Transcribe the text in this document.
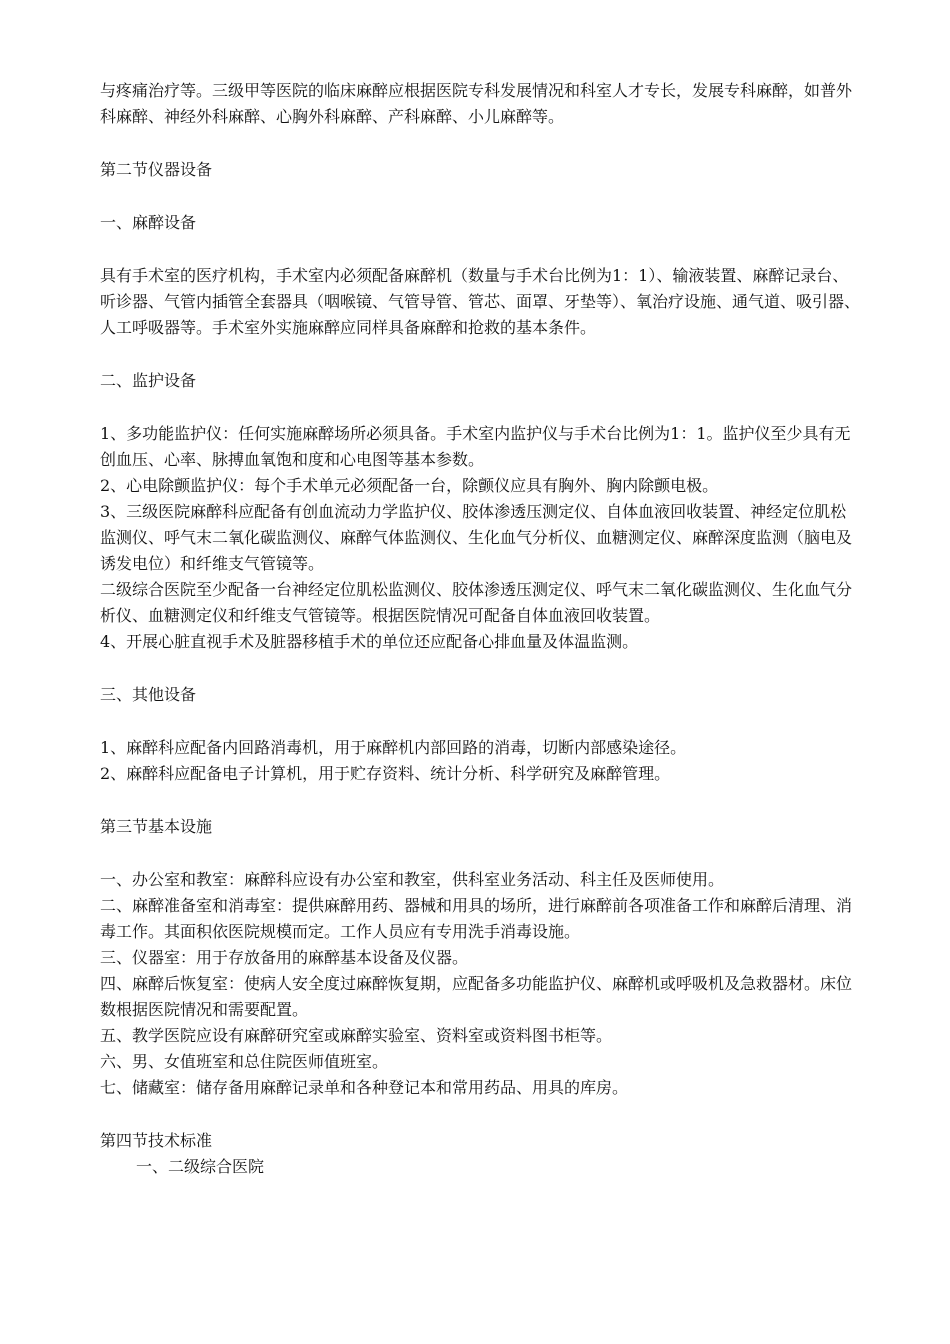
与疼痛治疗等。三级甲等医院的临床麻醉应根据医院专科发展情况和科室人才专长，发展专科麻醉，如普外科麻醉、神经外科麻醉、心胸外科麻醉、产科麻醉、小儿麻醉等。

第二节仪器设备

一、麻醉设备

具有手术室的医疗机构，手术室内必须配备麻醉机（数量与手术台比例为1：1）、输液装置、麻醉记录台、听诊器、气管内插管全套器具（咽喉镜、气管导管、管芯、面罩、牙垫等）、氧治疗设施、通气道、吸引器、人工呼吸器等。手术室外实施麻醉应同样具备麻醉和抢救的基本条件。

二、监护设备

1、多功能监护仪：任何实施麻醉场所必须具备。手术室内监护仪与手术台比例为1：1。监护仪至少具有无创血压、心率、脉搏血氧饱和度和心电图等基本参数。

2、心电除颤监护仪：每个手术单元必须配备一台，除颤仪应具有胸外、胸内除颤电极。

3、三级医院麻醉科应配备有创血流动力学监护仪、胶体渗透压测定仪、自体血液回收装置、神经定位肌松监测仪、呼气末二氧化碳监测仪、麻醉气体监测仪、生化血气分析仪、血糖测定仪、麻醉深度监测（脑电及诱发电位）和纤维支气管镜等。

二级综合医院至少配备一台神经定位肌松监测仪、胶体渗透压测定仪、呼气末二氧化碳监测仪、生化血气分析仪、血糖测定仪和纤维支气管镜等。根据医院情况可配备自体血液回收装置。

4、开展心脏直视手术及脏器移植手术的单位还应配备心排血量及体温监测。

三、其他设备

1、麻醉科应配备内回路消毒机，用于麻醉机内部回路的消毒，切断内部感染途径。

2、麻醉科应配备电子计算机，用于贮存资料、统计分析、科学研究及麻醉管理。

第三节基本设施

一、办公室和教室：麻醉科应设有办公室和教室，供科室业务活动、科主任及医师使用。

二、麻醉准备室和消毒室：提供麻醉用药、器械和用具的场所，进行麻醉前各项准备工作和麻醉后清理、消毒工作。其面积依医院规模而定。工作人员应有专用洗手消毒设施。

三、仪器室：用于存放备用的麻醉基本设备及仪器。

四、麻醉后恢复室：使病人安全度过麻醉恢复期，应配备多功能监护仪、麻醉机或呼吸机及急救器材。床位数根据医院情况和需要配置。

五、教学医院应设有麻醉研究室或麻醉实验室、资料室或资料图书柜等。

六、男、女值班室和总住院医师值班室。

七、储藏室：储存备用麻醉记录单和各种登记本和常用药品、用具的库房。

第四节技术标准

一、二级综合医院
